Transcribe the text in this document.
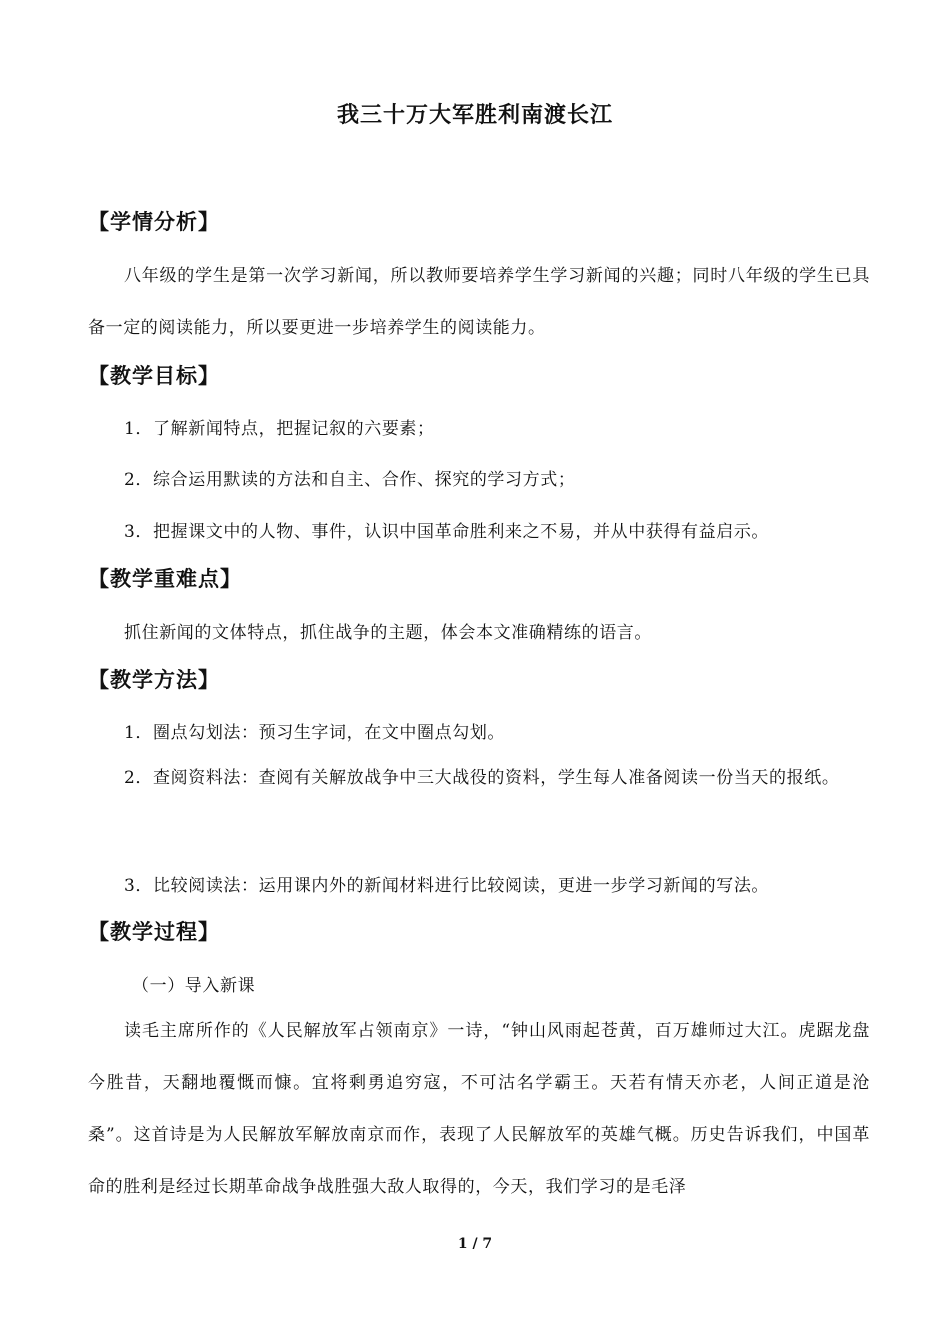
我三十万大军胜利南渡长江
【学情分析】
八年级的学生是第一次学习新闻，所以教师要培养学生学习新闻的兴趣；同时八年级的学生已具备一定的阅读能力，所以要更进一步培养学生的阅读能力。
【教学目标】
1．了解新闻特点，把握记叙的六要素；
2．综合运用默读的方法和自主、合作、探究的学习方式；
3．把握课文中的人物、事件，认识中国革命胜利来之不易，并从中获得有益启示。
【教学重难点】
抓住新闻的文体特点，抓住战争的主题，体会本文准确精练的语言。
【教学方法】
1．圈点勾划法：预习生字词，在文中圈点勾划。
2．查阅资料法：查阅有关解放战争中三大战役的资料，学生每人准备阅读一份当天的报纸。
3．比较阅读法：运用课内外的新闻材料进行比较阅读，更进一步学习新闻的写法。
【教学过程】
（一）导入新课
读毛主席所作的《人民解放军占领南京》一诗，“钟山风雨起苍黄，百万雄师过大江。虎踞龙盘今胜昔，天翻地覆慨而慷。宜将剩勇追穷寇，不可沽名学霸王。天若有情天亦老，人间正道是沧桑”。这首诗是为人民解放军解放南京而作，表现了人民解放军的英雄气概。历史告诉我们，中国革命的胜利是经过长期革命战争战胜强大敌人取得的，今天，我们学习的是毛泽
1 / 7
